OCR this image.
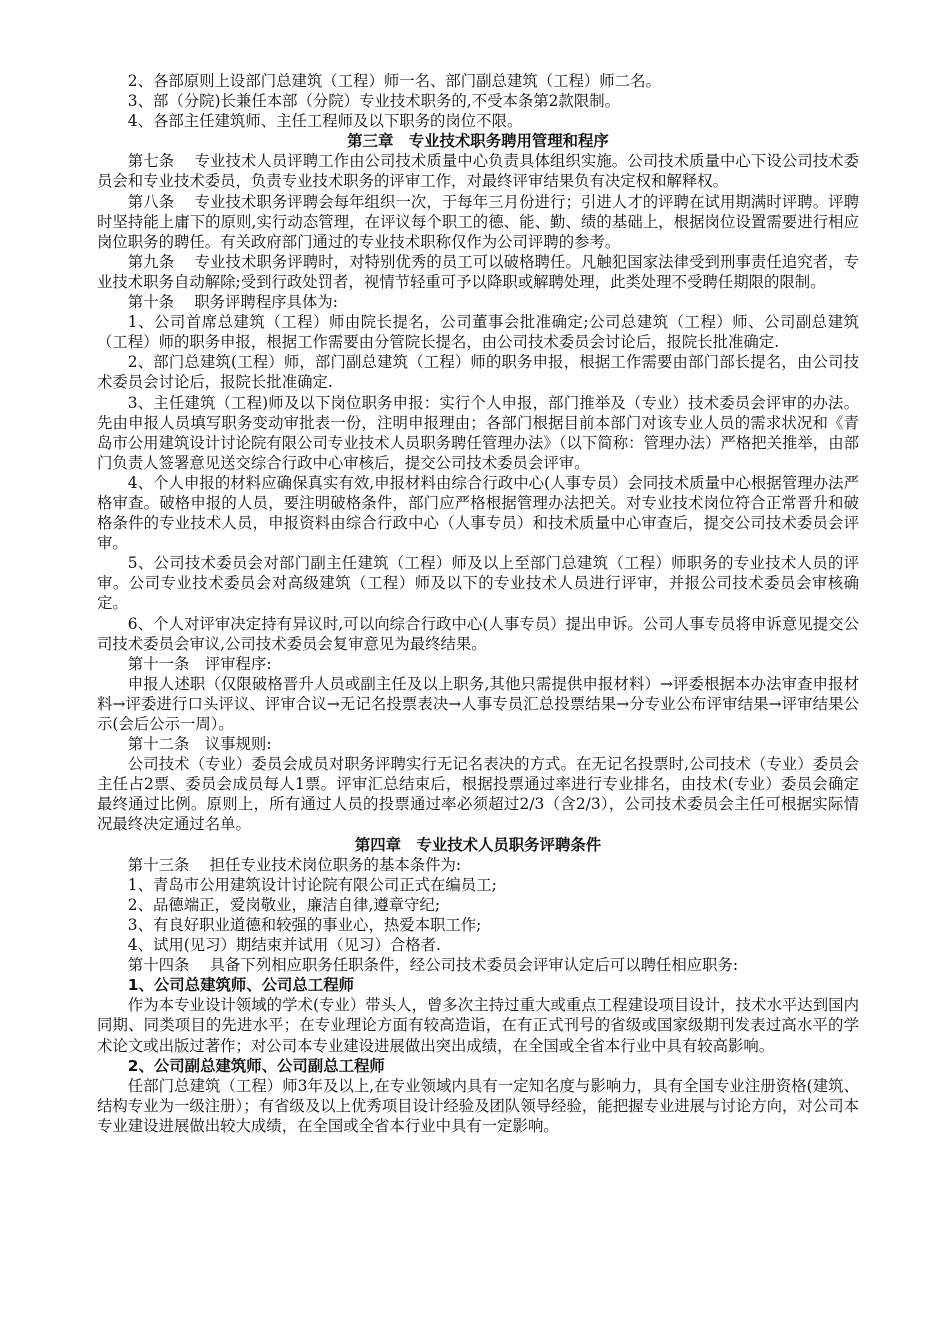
2、各部原则上设部门总建筑（工程）师一名、部门副总建筑（工程）师二名。

3、部（分院)长兼任本部（分院）专业技术职务的,不受本条第2款限制。

4、各部主任建筑师、主任工程师及以下职务的岗位不限。

第三章　专业技术职务聘用管理和程序

第七条　 专业技术人员评聘工作由公司技术质量中心负责具体组织实施。公司技术质量中心下设公司技术委员会和专业技术委员，负责专业技术职务的评审工作，对最终评审结果负有决定权和解释权。

第八条　 专业技术职务评聘会每年组织一次，于每年三月份进行；引进人才的评聘在试用期满时评聘。评聘时坚持能上庸下的原则,实行动态管理，在评议每个职工的德、能、勤、绩的基础上，根据岗位设置需要进行相应岗位职务的聘任。有关政府部门通过的专业技术职称仅作为公司评聘的参考。

第九条　 专业技术职务评聘时，对特别优秀的员工可以破格聘任。凡触犯国家法律受到刑事责任追究者，专业技术职务自动解除;受到行政处罚者，视情节轻重可予以降职或解聘处理，此类处理不受聘任期限的限制。

第十条　 职务评聘程序具体为:

1、公司首席总建筑（工程）师由院长提名，公司董事会批准确定;公司总建筑（工程）师、公司副总建筑（工程）师的职务申报，根据工作需要由分管院长提名，由公司技术委员会讨论后，报院长批准确定.

2、部门总建筑(工程）师，部门副总建筑（工程）师的职务申报，根据工作需要由部门部长提名，由公司技术委员会讨论后，报院长批准确定.

3、主任建筑（工程)师及以下岗位职务申报：实行个人申报，部门推举及（专业）技术委员会评审的办法。先由申报人员填写职务变动审批表一份，注明申报理由；各部门根据目前本部门对该专业人员的需求状况和《青岛市公用建筑设计讨论院有限公司专业技术人员职务聘任管理办法》（以下简称：管理办法）严格把关推举，由部门负责人签署意见送交综合行政中心审核后，提交公司技术委员会评审。

4、个人申报的材料应确保真实有效,申报材料由综合行政中心(人事专员）会同技术质量中心根据管理办法严格审查。破格申报的人员，要注明破格条件，部门应严格根据管理办法把关。对专业技术岗位符合正常晋升和破格条件的专业技术人员，申报资料由综合行政中心（人事专员）和技术质量中心审查后，提交公司技术委员会评审。

5、公司技术委员会对部门副主任建筑（工程）师及以上至部门总建筑（工程）师职务的专业技术人员的评审。公司专业技术委员会对高级建筑（工程）师及以下的专业技术人员进行评审，并报公司技术委员会审核确定。

6、个人对评审决定持有异议时,可以向综合行政中心(人事专员）提出申诉。公司人事专员将申诉意见提交公司技术委员会审议,公司技术委员会复审意见为最终结果。

第十一条　评审程序:

申报人述职（仅限破格晋升人员或副主任及以上职务,其他只需提供申报材料）→评委根据本办法审查申报材料→评委进行口头评议、评审合议→无记名投票表决→人事专员汇总投票结果→分专业公布评审结果→评审结果公示(会后公示一周）。

第十二条　议事规则:

公司技术（专业）委员会成员对职务评聘实行无记名表决的方式。在无记名投票时,公司技术（专业）委员会主任占2票、委员会成员每人1票。评审汇总结束后，根据投票通过率进行专业排名，由技术(专业）委员会确定最终通过比例。原则上，所有通过人员的投票通过率必须超过2/3（含2/3），公司技术委员会主任可根据实际情况最终决定通过名单。

第四章　专业技术人员职务评聘条件

第十三条　 担任专业技术岗位职务的基本条件为:

1、青岛市公用建筑设计讨论院有限公司正式在编员工;

2、品德端正，爱岗敬业，廉洁自律,遵章守纪;

3、有良好职业道德和较强的事业心，热爱本职工作;

4、试用(见习）期结束并试用（见习）合格者.

第十四条　 具备下列相应职务任职条件，经公司技术委员会评审认定后可以聘任相应职务:

1、公司总建筑师、公司总工程师

作为本专业设计领域的学术(专业）带头人，曾多次主持过重大或重点工程建设项目设计，技术水平达到国内同期、同类项目的先进水平；在专业理论方面有较高造诣，在有正式刊号的省级或国家级期刊发表过高水平的学术论文或出版过著作；对公司本专业建设进展做出突出成绩，在全国或全省本行业中具有较高影响。

2、公司副总建筑师、公司副总工程师

任部门总建筑（工程）师3年及以上,在专业领域内具有一定知名度与影响力，具有全国专业注册资格(建筑、结构专业为一级注册）；有省级及以上优秀项目设计经验及团队领导经验，能把握专业进展与讨论方向，对公司本专业建设进展做出较大成绩，在全国或全省本行业中具有一定影响。
